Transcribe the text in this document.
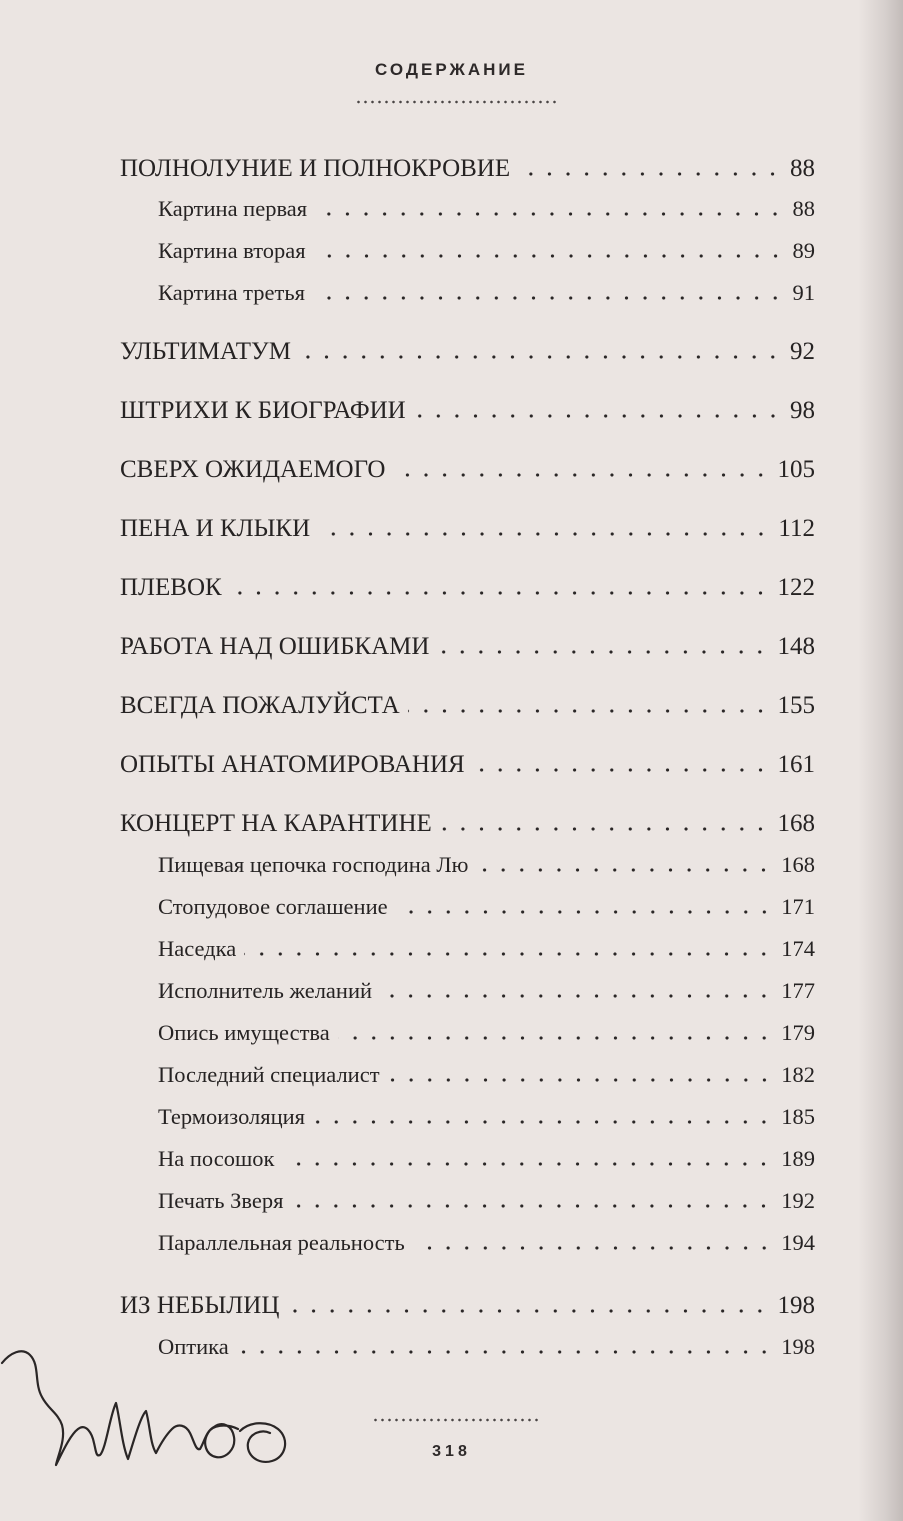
СОДЕРЖАНИЕ
ПОЛНОЛУНИЕ И ПОЛНОКРОВИЕ	88
Картина первая	88
Картина вторая	89
Картина третья	91
УЛЬТИМАТУМ	92
ШТРИХИ К БИОГРАФИИ	98
СВЕРХ ОЖИДАЕМОГО	105
ПЕНА И КЛЫКИ	112
ПЛЕВОК	122
РАБОТА НАД ОШИБКАМИ	148
ВСЕГДА ПОЖАЛУЙСТА	155
ОПЫТЫ АНАТОМИРОВАНИЯ	161
КОНЦЕРТ НА КАРАНТИНЕ	168
Пищевая цепочка господина Лю	168
Стопудовое соглашение	171
Наседка	174
Исполнитель желаний	177
Опись имущества	179
Последний специалист	182
Термоизоляция	185
На посошок	189
Печать Зверя	192
Параллельная реальность	194
ИЗ НЕБЫЛИЦ	198
Оптика	198
318
